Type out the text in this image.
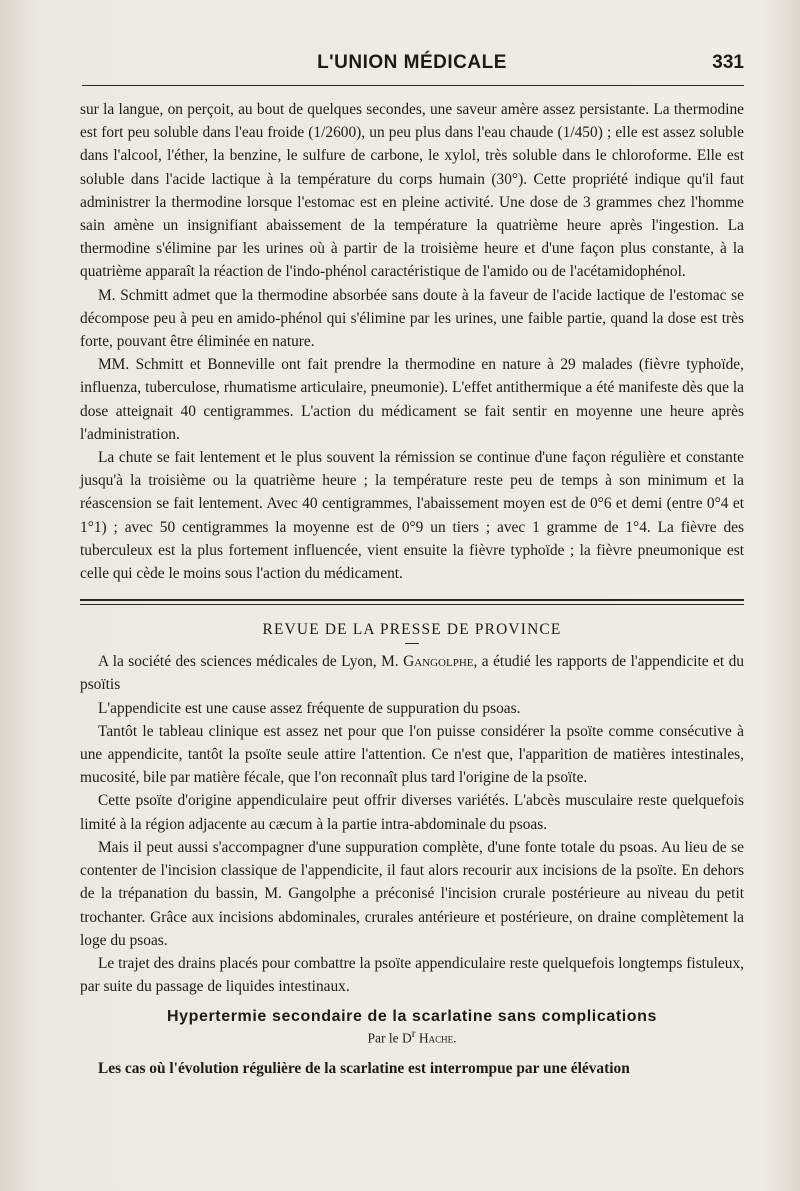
L'UNION MÉDICALE	331

sur la langue, on perçoit, au bout de quelques secondes, une saveur amère assez persistante. La thermodine est fort peu soluble dans l'eau froide (1/2600), un peu plus dans l'eau chaude (1/450) ; elle est assez soluble dans l'alcool, l'éther, la benzine, le sulfure de carbone, le xylol, très soluble dans le chloroforme. Elle est soluble dans l'acide lactique à la température du corps humain (30°). Cette propriété indique qu'il faut administrer la thermodine lorsque l'estomac est en pleine activité. Une dose de 3 grammes chez l'homme sain amène un insignifiant abaissement de la température la quatrième heure après l'ingestion. La thermodine s'élimine par les urines où à partir de la troisième heure et d'une façon plus constante, à la quatrième apparaît la réaction de l'indo-phénol caractéristique de l'amido ou de l'acétamidophénol.

M. Schmitt admet que la thermodine absorbée sans doute à la faveur de l'acide lactique de l'estomac se décompose peu à peu en amido-phénol qui s'élimine par les urines, une faible partie, quand la dose est très forte, pouvant être éliminée en nature.

MM. Schmitt et Bonneville ont fait prendre la thermodine en nature à 29 malades (fièvre typhoïde, influenza, tuberculose, rhumatisme articulaire, pneumonie). L'effet antithermique a été manifeste dès que la dose atteignait 40 centigrammes. L'action du médicament se fait sentir en moyenne une heure après l'administration.

La chute se fait lentement et le plus souvent la rémission se continue d'une façon régulière et constante jusqu'à la troisième ou la quatrième heure ; la température reste peu de temps à son minimum et la réascension se fait lentement. Avec 40 centigrammes, l'abaissement moyen est de 0°6 et demi (entre 0°4 et 1°1) ; avec 50 centigrammes la moyenne est de 0°9 un tiers ; avec 1 gramme de 1°4. La fièvre des tuberculeux est la plus fortement influencée, vient ensuite la fièvre typhoïde ; la fièvre pneumonique est celle qui cède le moins sous l'action du médicament.

REVUE DE LA PRESSE DE PROVINCE

A la société des sciences médicales de Lyon, M. Gangolphe, a étudié les rapports de l'appendicite et du psoïtis

L'appendicite est une cause assez fréquente de suppuration du psoas.

Tantôt le tableau clinique est assez net pour que l'on puisse considérer la psoïte comme consécutive à une appendicite, tantôt la psoïte seule attire l'attention. Ce n'est que, l'apparition de matières intestinales, mucosité, bile par matière fécale, que l'on reconnaît plus tard l'origine de la psoïte.

Cette psoïte d'origine appendiculaire peut offrir diverses variétés. L'abcès musculaire reste quelquefois limité à la région adjacente au cæcum à la partie intra-abdominale du psoas.

Mais il peut aussi s'accompagner d'une suppuration complète, d'une fonte totale du psoas. Au lieu de se contenter de l'incision classique de l'appendicite, il faut alors recourir aux incisions de la psoïte. En dehors de la trépanation du bassin, M. Gangolphe a préconisé l'incision crurale postérieure au niveau du petit trochanter. Grâce aux incisions abdominales, crurales antérieure et postérieure, on draine complètement la loge du psoas.

Le trajet des drains placés pour combattre la psoïte appendiculaire reste quelquefois longtemps fistuleux, par suite du passage de liquides intestinaux.

Hypertermie secondaire de la scarlatine sans complications
Par le $D^r$ Hache.

Les cas où l'évolution régulière de la scarlatine est interrompue par une élévation
